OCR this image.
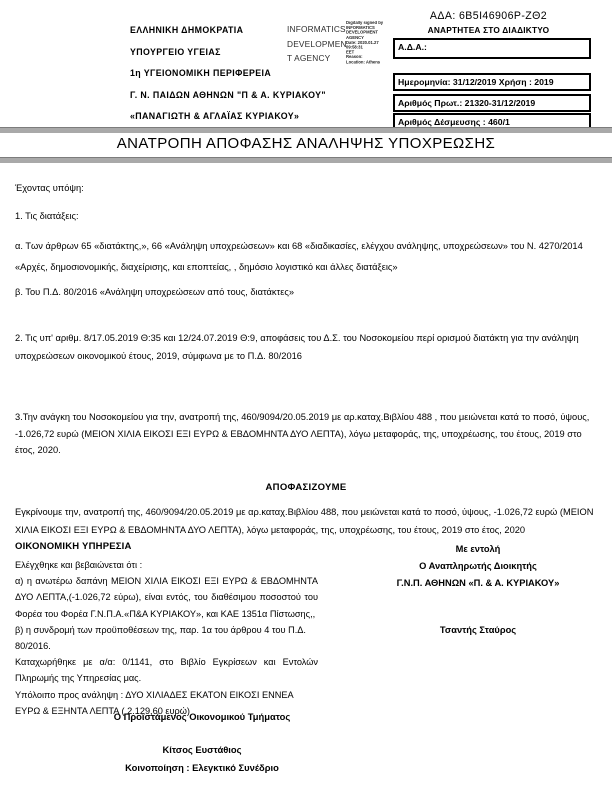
ΕΛΛΗΝΙΚΗ ΔΗΜΟΚΡΑΤΙΑ
ΥΠΟΥΡΓΕΙΟ ΥΓΕΙΑΣ
1η ΥΓΕΙΟΝΟΜΙΚΗ ΠΕΡΙΦΕΡΕΙΑ
Γ. Ν. ΠΑΙΔΩΝ ΑΘΗΝΩΝ "Π & Α. ΚΥΡΙΑΚΟΥ"
«ΠΑΝΑΓΙΩΤΗ & ΑΓΛΑΪΑΣ ΚΥΡΙΑΚΟΥ»
INFORMATICS
DEVELOPMEN
T AGENCY
Digitally signed by
INFORMATICS
DEVELOPMENT AGENCY
Date: 2020.01.27 09:58:31
EET
Reason:
Location: Athens
ΑΔΑ: 6Β5Ι46906Ρ-ΖΘ2
ΑΝΑΡΤΗΤΕΑ ΣΤΟ ΔΙΑΔΙΚΤΥΟ
Α.Δ.Α.:
Ημερομηνία: 31/12/2019 Χρήση : 2019
Αριθμός Πρωτ.: 21320-31/12/2019
Αριθμός Δέσμευσης : 460/1
ΑΝΑΤΡΟΠΗ ΑΠΟΦΑΣΗΣ ΑΝΑΛΗΨΗΣ ΥΠΟΧΡΕΩΣΗΣ
Έχοντας υπόψη:
1. Τις διατάξεις:
α. Των άρθρων 65 «διατάκτης,», 66 «Ανάληψη υποχρεώσεων» και 68 «διαδικασίες, ελέγχου ανάληψης, υποχρεώσεων» του Ν. 4270/2014 «Αρχές, δημοσιονομικής, διαχείρισης, και εποπτείας, , δημόσιο λογιστικό και άλλες διατάξεις»
β. Του Π.Δ. 80/2016 «Ανάληψη υποχρεώσεων από τους, διατάκτες»
2. Τις υπ' αριθμ. 8/17.05.2019 Θ:35 και 12/24.07.2019 Θ:9, αποφάσεις του Δ.Σ. του Νοσοκομείου περί ορισμού διατάκτη για την ανάληψη υποχρεώσεων οικονομικού έτους, 2019, σύμφωνα με το Π.Δ. 80/2016
3.Την ανάγκη του Νοσοκομείου για την, ανατροπή της, 460/9094/20.05.2019 με αρ.καταχ.Βιβλίου 488 , που μειώνεται κατά το ποσό, ύψους, -1.026,72 ευρώ (ΜΕΙΟΝ ΧΙΛΙΑ ΕΙΚΟΣΙ ΕΞΙ ΕΥΡΩ & ΕΒΔΟΜΗΝΤΑ ΔΥΟ ΛΕΠΤΑ), λόγω μεταφοράς, της, υποχρέωσης, του έτους, 2019 στο έτος, 2020.
ΑΠΟΦΑΣΙΖΟΥΜΕ
Εγκρίνουμε την, ανατροπή της, 460/9094/20.05.2019 με αρ.καταχ.Βιβλίου 488, που μειώνεται κατά το ποσό, ύψους, -1.026,72 ευρώ (ΜΕΙΟΝ ΧΙΛΙΑ ΕΙΚΟΣΙ ΕΞΙ ΕΥΡΩ & ΕΒΔΟΜΗΝΤΑ ΔΥΟ ΛΕΠΤΑ), λόγω μεταφοράς, της, υποχρέωσης, του έτους, 2019 στο έτος, 2020
ΟΙΚΟΝΟΜΙΚΗ ΥΠΗΡΕΣΙΑ

Ελέγχθηκε και βεβαιώνεται ότι :

α) η ανωτέρω δαπάνη ΜΕΙΟΝ ΧΙΛΙΑ ΕΙΚΟΣΙ ΕΞΙ ΕΥΡΩ & ΕΒΔΟΜΗΝΤΑ ΔΥΟ ΛΕΠΤΑ,(-1.026,72 εύρω), είναι εντός, του διαθέσιμου ποσοστού του Φορέα του Φορέα Γ.Ν.Π.Α.«Π&Α ΚΥΡΙΑΚΟΥ», και ΚΑΕ 1351α Πίστωσης,,

β) η συνδρομή των προϋποθέσεων της, παρ. 1α του άρθρου 4 του Π.Δ. 80/2016.

Καταχωρήθηκε με α/α: 0/1141, στο Βιβλίο Εγκρίσεων και Εντολών Πληρωμής της Υπηρεσίας μας.

Υπόλοιπο προς ανάληψη : ΔΥΟ ΧΙΛΙΑΔΕΣ ΕΚΑΤΟΝ ΕΙΚΟΣΙ ΕΝΝΕΑ ΕΥΡΩ & ΕΞΗΝΤΑ ΛΕΠΤΑ ( 2.129,60 ευρώ)

Με εντολή
Ο Αναπληρωτής Διοικητής
Γ.Ν.Π. ΑΘΗΝΩΝ «Π. & Α. ΚΥΡΙΑΚΟΥ»
Τσαντής Σταύρος
Ο Προϊστάμενος Οικονομικού Τμήματος
Κίτσος Ευστάθιος
Κοινοποίηση : Ελεγκτικό Συνέδριο
